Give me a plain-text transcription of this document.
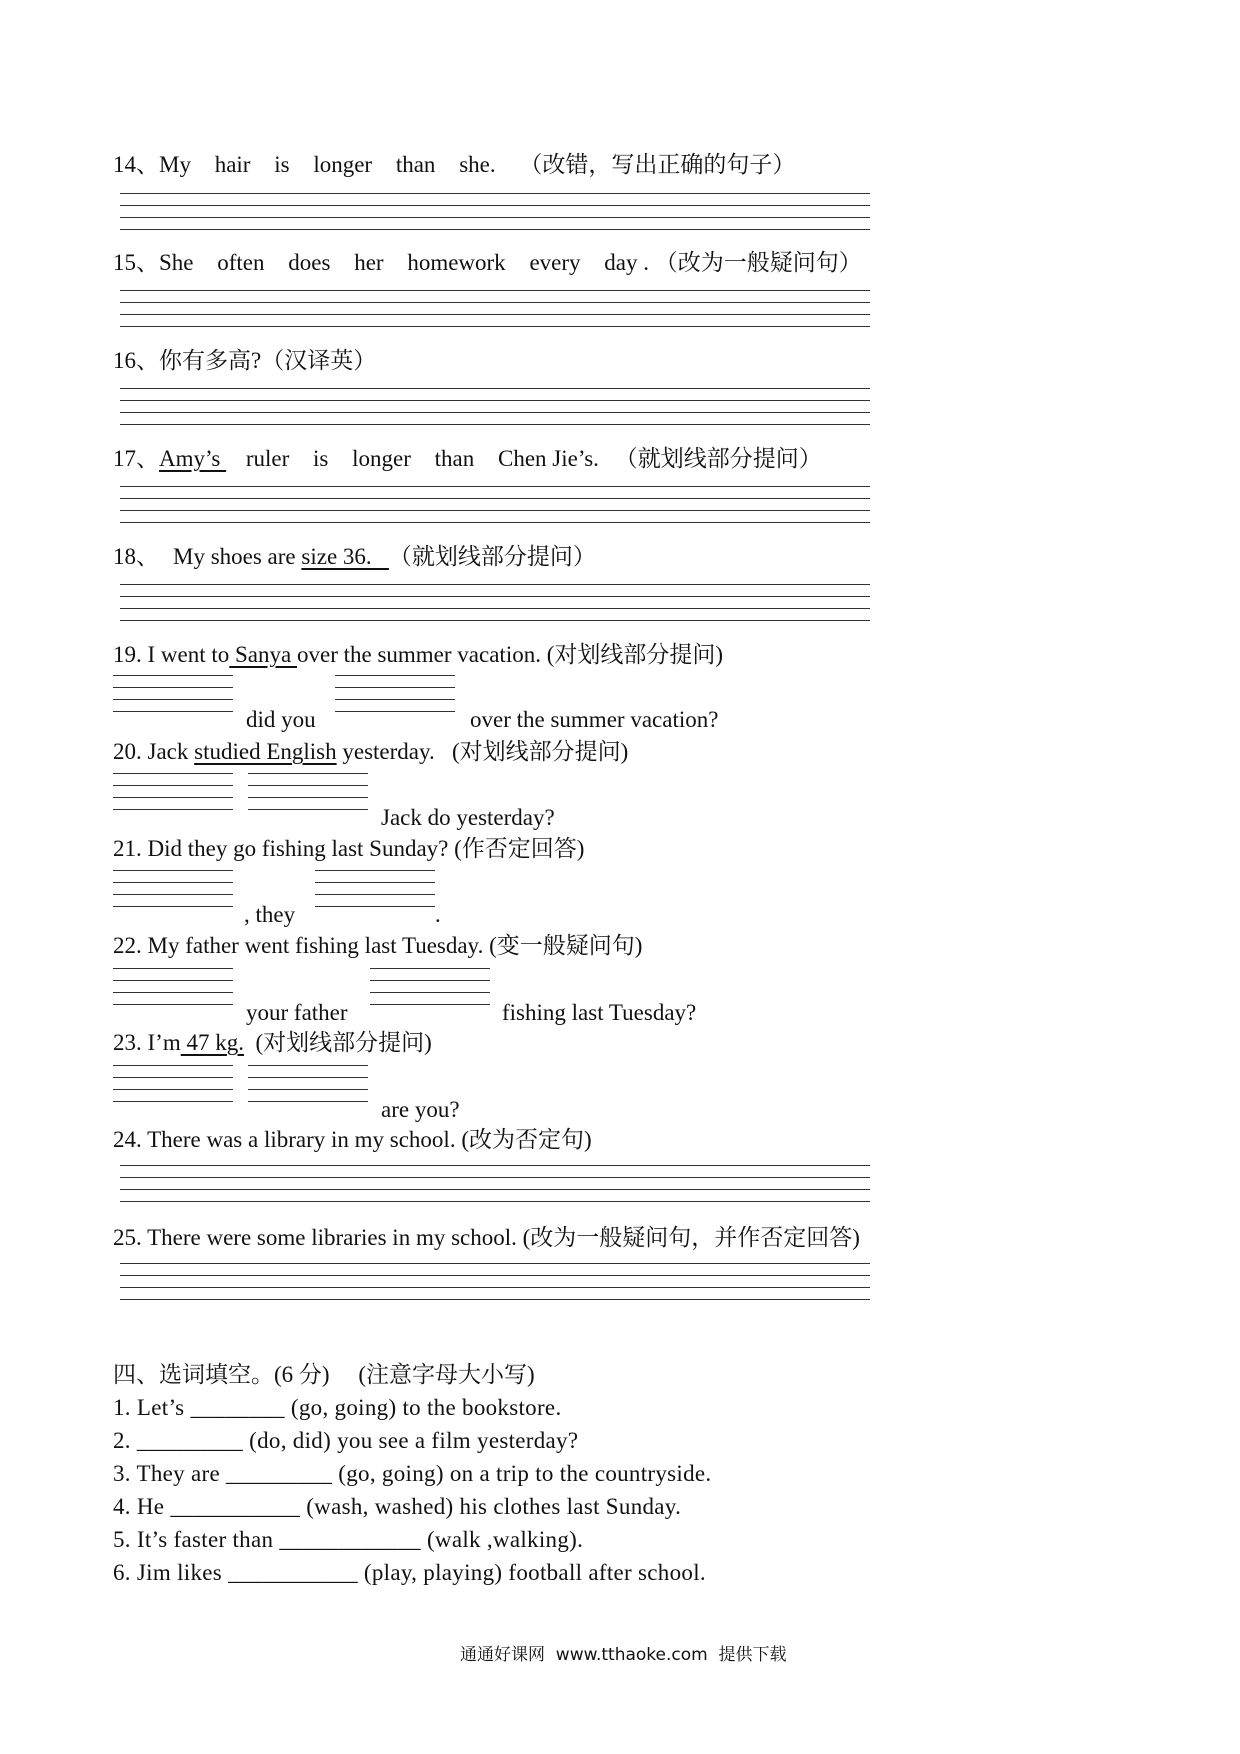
14、My hair is longer than she. （改错，写出正确的句子）
15、She often does her homework every day . （改为一般疑问句）
16、你有多高?（汉译英）
17、Amy’s  ruler is longer than Chen Jie’s. （就划线部分提问）
18、 My shoes are size 36.   （就划线部分提问）
19. I went to Sanya over the summer vacation. (对划线部分提问)
did you	over the summer vacation?
20. Jack studied English yesterday.   (对划线部分提问)
Jack do yesterday?
21. Did they go fishing last Sunday? (作否定回答)
, they	.
22. My father went fishing last Tuesday. (变一般疑问句)
your father	fishing last Tuesday?
23. I’m 47 kg.  (对划线部分提问)
are you?
24. There was a library in my school. (改为否定句)
25. There were some libraries in my school. (改为一般疑问句，并作否定回答)
四、选词填空。(6 分)     (注意字母大小写)
1. Let’s ________ (go, going) to the bookstore.
2. _________ (do, did) you see a film yesterday?
3. They are _________ (go, going) on a trip to the countryside.
4. He ___________ (wash, washed) his clothes last Sunday.
5. It’s faster than ____________ (walk ,walking).
6. Jim likes ___________ (play, playing) football after school.
通通好课网  www.tthaoke.com  提供下载
